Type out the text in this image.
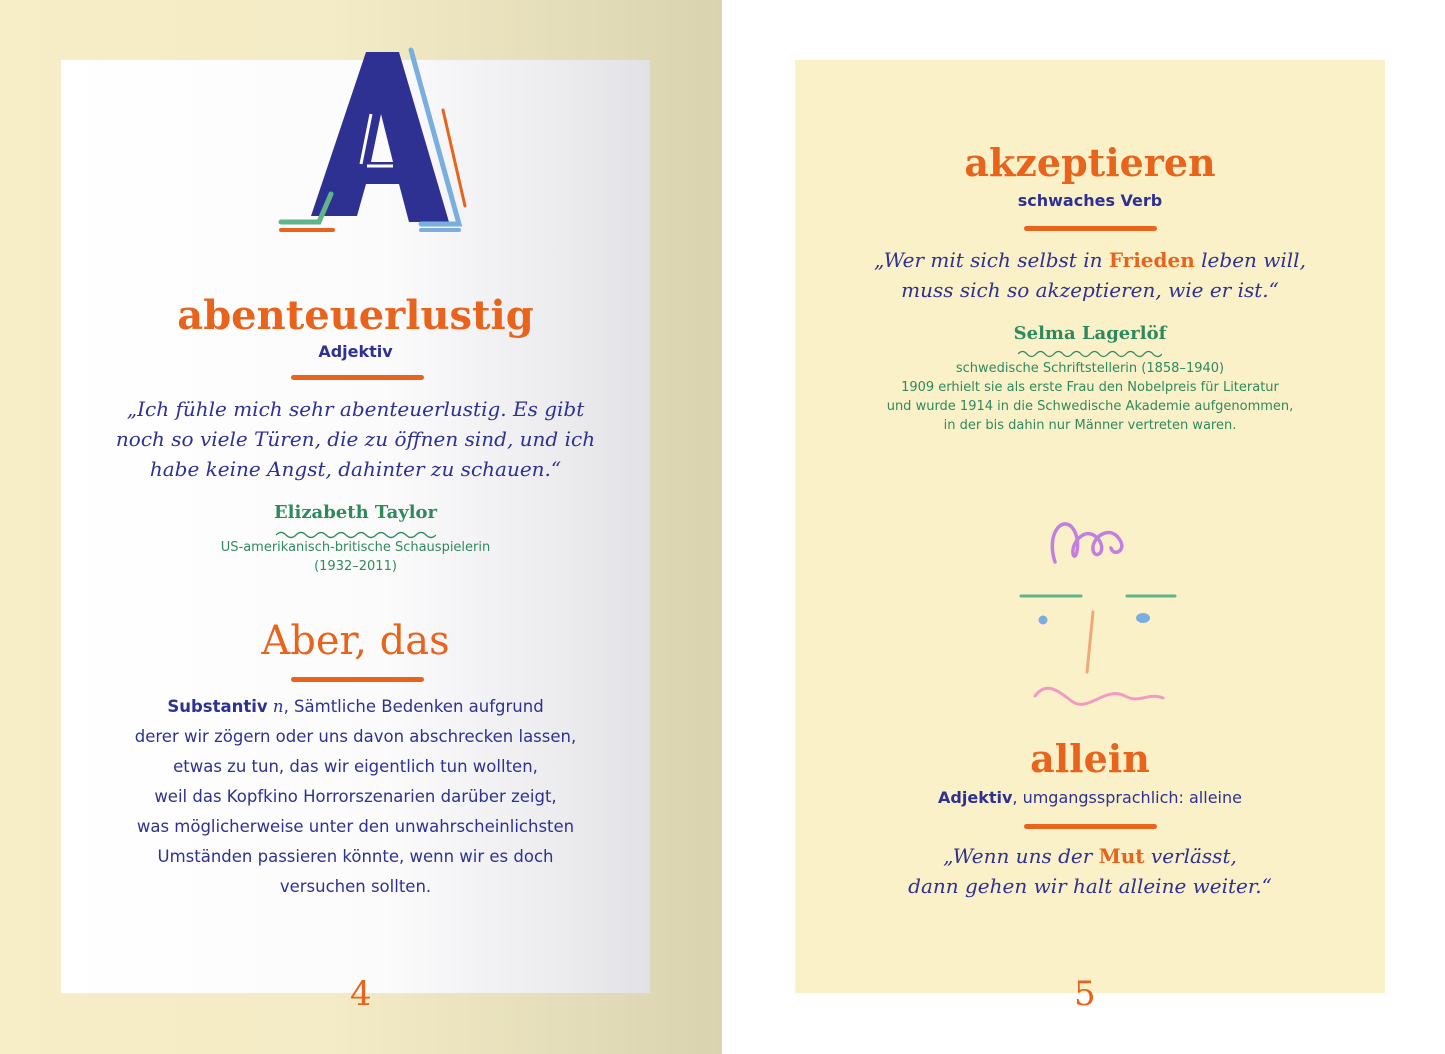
abenteuerlustig
Adjektiv
„Ich fühle mich sehr abenteuerlustig. Es gibt
noch so viele Türen, die zu öffnen sind, und ich
habe keine Angst, dahinter zu schauen.“
Elizabeth Taylor
US-amerikanisch-britische Schauspielerin
(1932–2011)
Aber, das
Substantiv n, Sämtliche Bedenken aufgrund
derer wir zögern oder uns davon abschrecken lassen,
etwas zu tun, das wir eigentlich tun wollten,
weil das Kopfkino Horrorszenarien darüber zeigt,
was möglicherweise unter den unwahrscheinlichsten
Umständen passieren könnte, wenn wir es doch
versuchen sollten.
4
akzeptieren
schwaches Verb
„Wer mit sich selbst in Frieden leben will,
muss sich so akzeptieren, wie er ist.“
Selma Lagerlöf
schwedische Schriftstellerin (1858–1940)
1909 erhielt sie als erste Frau den Nobelpreis für Literatur
und wurde 1914 in die Schwedische Akademie aufgenommen,
in der bis dahin nur Männer vertreten waren.
allein
Adjektiv, umgangssprachlich: alleine
„Wenn uns der Mut verlässt,
dann gehen wir halt alleine weiter.“
5
